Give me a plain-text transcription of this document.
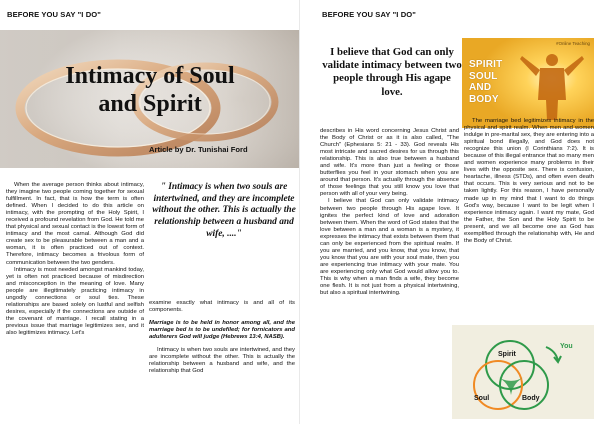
BEFORE YOU SAY "I DO"
Intimacy of Soul
and Spirit
Article by Dr. Tunishai Ford

When the average person thinks about intimacy, they imagine two people coming together for sexual fulfillment. In fact, that is how the term is often defined. When I decided to do this article on intimacy, with the prompting of the Holy Spirit, I received a profound revelation from God. He told me that physical and sexual contact is the lowest form of intimacy and the most carnal. Although God did create sex to be pleasurable between a man and a woman, it is often practiced out of context. Therefore, intimacy becomes a frivolous form of communication between the two genders.

Intimacy is most needed amongst mankind today, yet is often not practiced because of misdirection and misconception in the meaning of love. Many people are illegitimately practicing intimacy in ungodly connections or soul ties. These relationships are based solely on lustful and selfish desires, especially if the connections are outside of the covenant of marriage. I recall stating in a previous issue that marriage legitimizes sex, and it also legitimizes intimacy. Let's

" Intimacy is when two souls are intertwined, and they are incomplete without the other. This is actually the relationship between a husband and wife, ...."

examine exactly what intimacy is and all of its components.

Marriage is to be held in honor among all, and the marriage bed is to be undefiled; for fornicators and adulterers God will judge (Hebrews 13:4, NASB).

Intimacy is when two souls are intertwined, and they are incomplete without the other. This is actually the relationship between a husband and wife, and the relationship that God

BEFORE YOU SAY "I DO"
I believe that God can only validate intimacy between two people through His agape love.
#Online Teaching
SPIRIT
SOUL
AND
BODY

describes in His word concerning Jesus Christ and the Body of Christ or as it is also called, "The Church" (Ephesians 5: 21 - 33). God reveals His most intricate and sacred desires for us through this relationship. This is also true between a husband and wife. It's more than just a feeling or those butterflies you feel in your stomach when you are around that person. It's actually through the absence of those feelings that you still know you love that person with all of your very being.

I believe that God can only validate intimacy between two people through His agape love. It ignites the perfect kind of love and adoration between them. When the word of God states that the love between a man and a woman is a mystery, it expresses the intimacy that exists between them that can only be experienced from the spiritual realm. If you are married, and you know, that you know, that you know that you are with your soul mate, then you are experiencing true intimacy with your mate. You are experiencing only what God would allow you to. This is why when a man finds a wife, they become one flesh. It is not just from a physical intertwining, but also a spiritual intertwining.

The marriage bed legitimizes intimacy in the physical and spirit realm. When men and women indulge in pre-marital sex, they are entering into a spiritual bond illegally, and God does not recognize this union (I Corinthians 7:2). It is because of this illegal entrance that so many men and women experience many problems in their lives with the opposite sex. There is confusion, heartache, illness (STDs), and often even death that occurs. This is very serious and not to be taken lightly. For this reason, I have personally made up in my mind that I want to do things God's way, because I want to be legit when I experience intimacy again. I want my mate, God the Father, the Son and the Holy Spirit to be present, and we all become one as God has exemplified through the relationship with, He and the Body of Christ.

Spirit
You
Soul	Body
